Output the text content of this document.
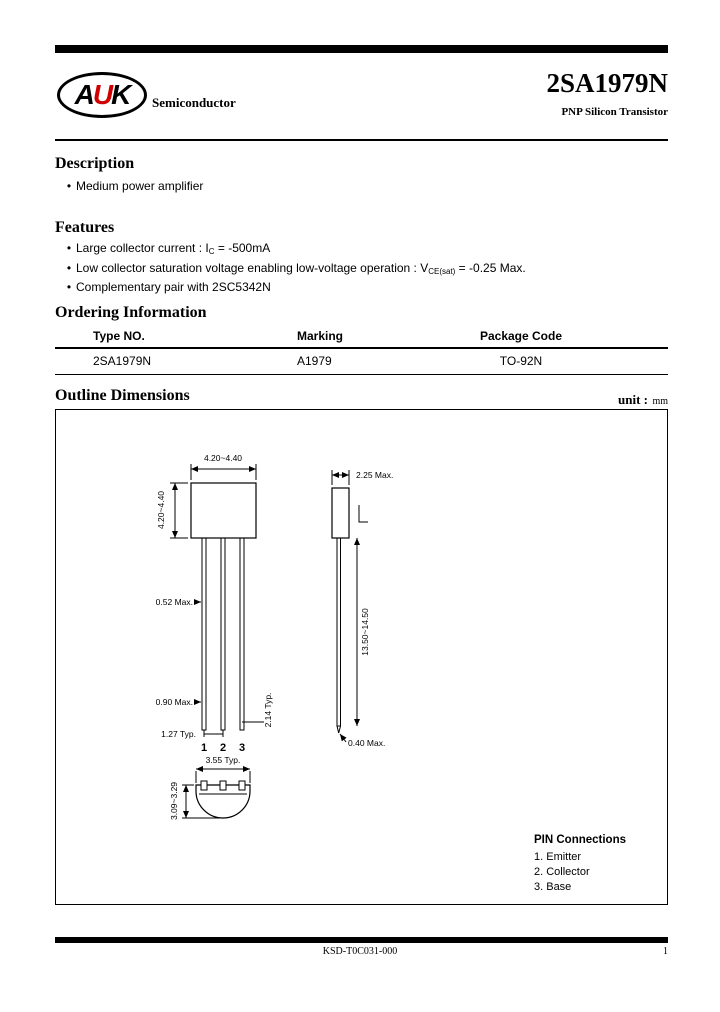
A U K Semiconductor
2SA1979N
PNP Silicon Transistor
Description
• Medium power amplifier
Features
• Large collector current : $I_C = -500mA$
• Low collector saturation voltage enabling low-voltage operation : $V_{CE(sat)} = -0.25$ Max.
• Complementary pair with 2SC5342N
Ordering Information
Type NO.	Marking	Package Code
2SA1979N	A1979	TO-92N
Outline Dimensions	unit : mm
4.20~4.40
4.20~4.40
0.52 Max.
0.90 Max.
1.27 Typ.
2.14 Typ.
1 2 3
3.55 Typ.
3.09~3.29
2.25 Max.
13.50~14.50
0.40 Max.
PIN Connections
1. Emitter
2. Collector
3. Base
KSD-T0C031-000	1
